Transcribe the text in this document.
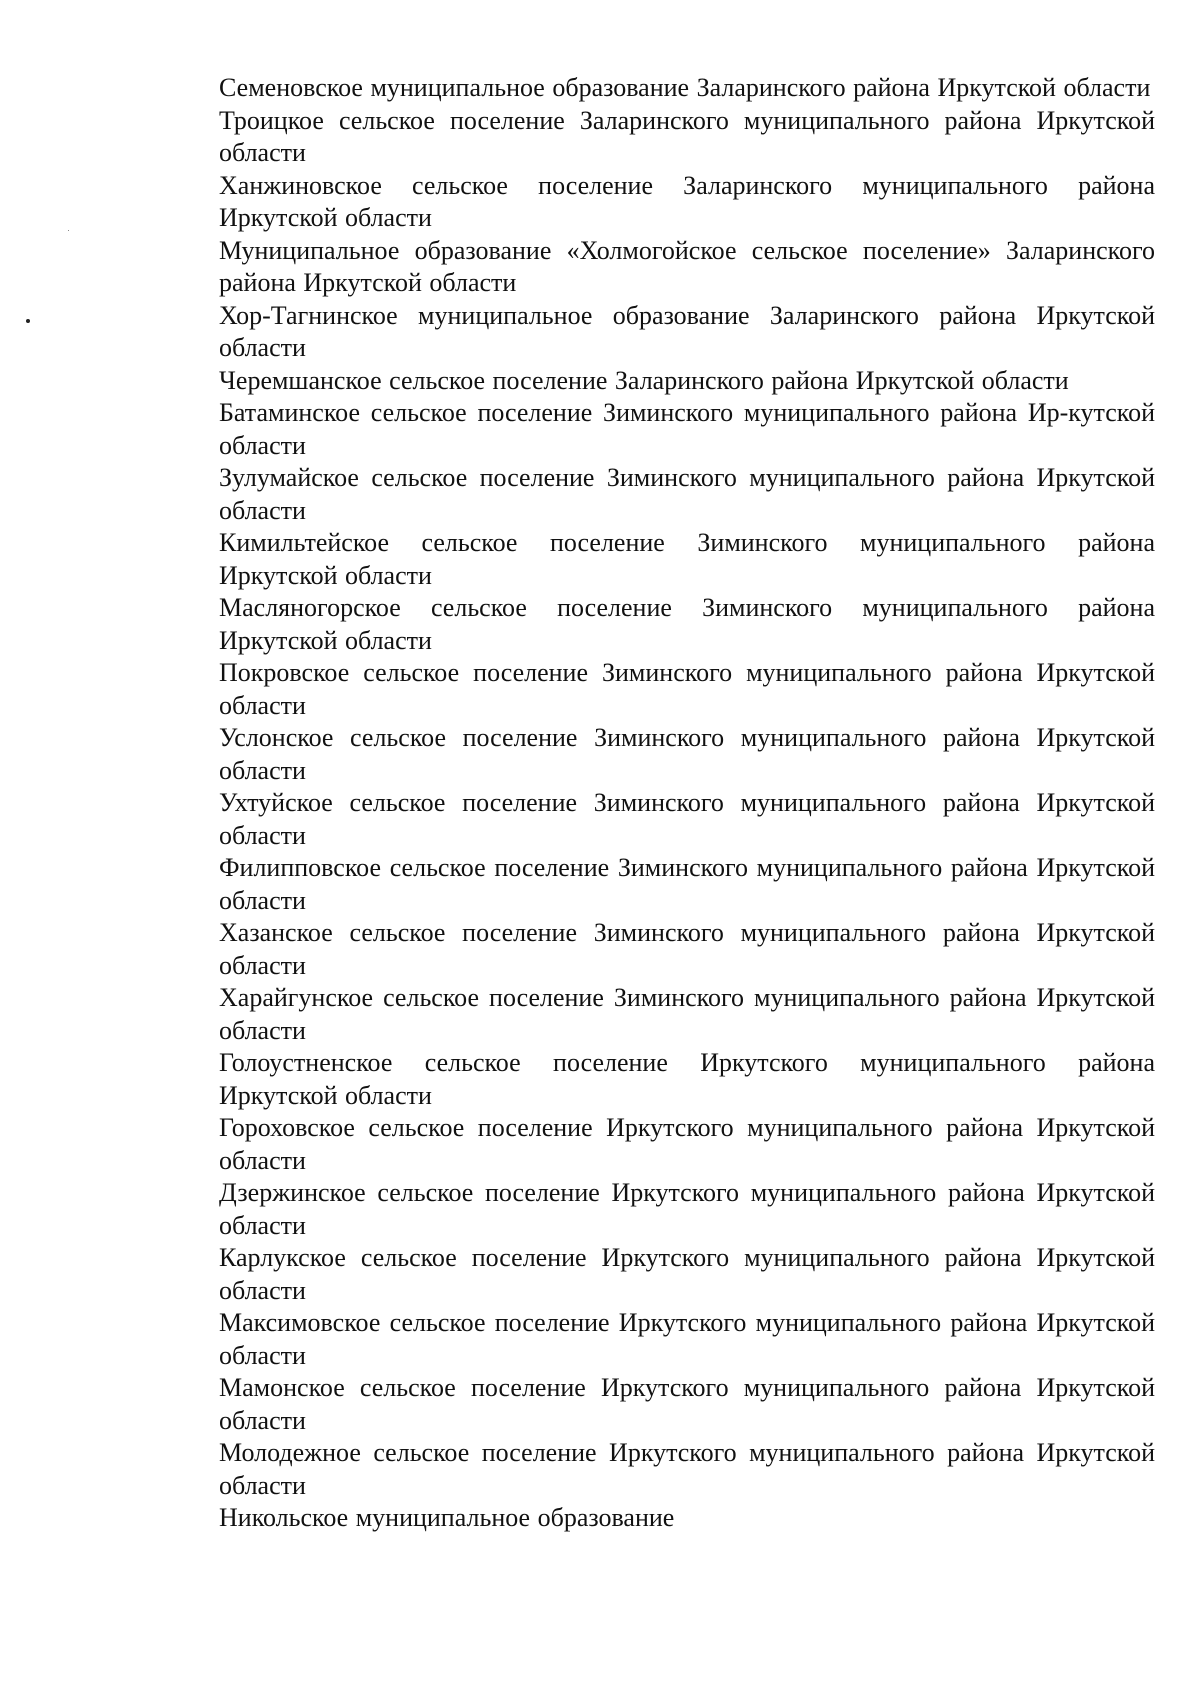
Семеновское муниципальное образование Заларинского района Иркутской области
Троицкое сельское поселение Заларинского муниципального района Иркутской области
Ханжиновское сельское поселение Заларинского муниципального района Иркутской области
Муниципальное образование «Холмогойское сельское поселение» Заларинского района Иркутской области
Хор-Тагнинское муниципальное образование Заларинского района Иркутской области
Черемшанское сельское поселение Заларинского района Иркутской области
Батаминское сельское поселение Зиминского муниципального района Ир-кутской области
Зулумайское сельское поселение Зиминского муниципального района Иркутской области
Кимильтейское сельское поселение Зиминского муниципального района Иркутской области
Масляногорское сельское поселение Зиминского муниципального района Иркутской области
Покровское сельское поселение Зиминского муниципального района Иркутской области
Услонское сельское поселение Зиминского муниципального района Иркутской области
Ухтуйское сельское поселение Зиминского муниципального района Иркутской области
Филипповское сельское поселение Зиминского муниципального района Иркутской области
Хазанское сельское поселение Зиминского муниципального района Иркутской области
Харайгунское сельское поселение Зиминского муниципального района Иркутской области
Голоустненское сельское поселение Иркутского муниципального района Иркутской области
Гороховское сельское поселение Иркутского муниципального района Иркутской области
Дзержинское сельское поселение Иркутского муниципального района Иркутской области
Карлукское сельское поселение Иркутского муниципального района Иркутской области
Максимовское сельское поселение Иркутского муниципального района Иркутской области
Мамонское сельское поселение Иркутского муниципального района Иркутской области
Молодежное сельское поселение Иркутского муниципального района Иркутской области
Никольское муниципальное образование
